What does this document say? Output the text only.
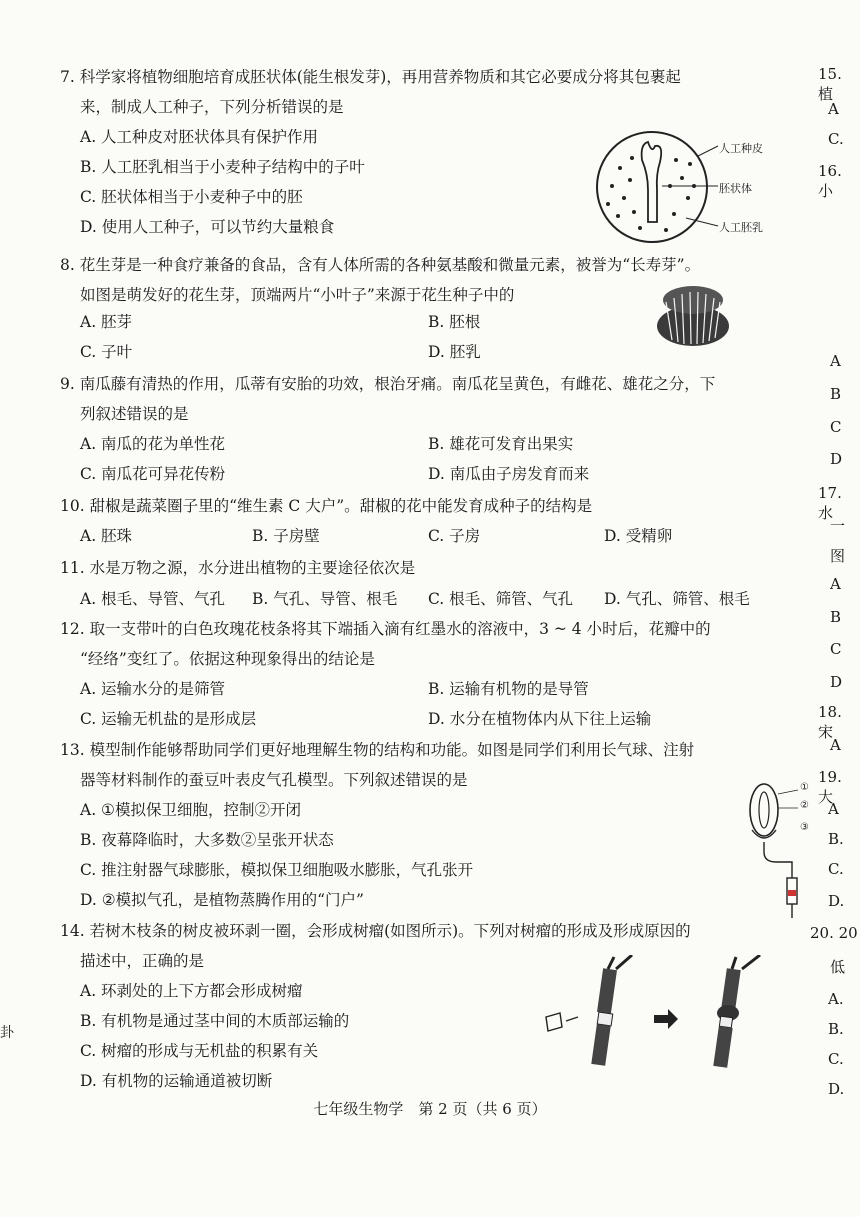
7. 科学家将植物细胞培育成胚状体(能生根发芽)，再用营养物质和其它必要成分将其包裹起
来，制成人工种子，下列分析错误的是
A. 人工种皮对胚状体具有保护作用
B. 人工胚乳相当于小麦种子结构中的子叶
C. 胚状体相当于小麦种子中的胚
D. 使用人工种子，可以节约大量粮食
人工种皮
胚状体
人工胚乳
8. 花生芽是一种食疗兼备的食品，含有人体所需的各种氨基酸和微量元素，被誉为“长寿芽”。
如图是萌发好的花生芽，顶端两片“小叶子”来源于花生种子中的
A. 胚芽	B. 胚根
C. 子叶	D. 胚乳
9. 南瓜藤有清热的作用，瓜蒂有安胎的功效，根治牙痛。南瓜花呈黄色，有雌花、雄花之分，下
列叙述错误的是
A. 南瓜的花为单性花	B. 雄花可发育出果实
C. 南瓜花可异花传粉	D. 南瓜由子房发育而来
10. 甜椒是蔬菜圈子里的“维生素 C 大户”。甜椒的花中能发育成种子的结构是
A. 胚珠	B. 子房壁	C. 子房	D. 受精卵
11. 水是万物之源，水分进出植物的主要途径依次是
A. 根毛、导管、气孔 B. 气孔、导管、根毛 C. 根毛、筛管、气孔 D. 气孔、筛管、根毛
12. 取一支带叶的白色玫瑰花枝条将其下端插入滴有红墨水的溶液中，3 ~ 4 小时后，花瓣中的
“经络”变红了。依据这种现象得出的结论是
A. 运输水分的是筛管	B. 运输有机物的是导管
C. 运输无机盐的是形成层	D. 水分在植物体内从下往上运输
13. 模型制作能够帮助同学们更好地理解生物的结构和功能。如图是同学们利用长气球、注射
器等材料制作的蚕豆叶表皮气孔模型。下列叙述错误的是
A. ①模拟保卫细胞，控制②开闭
B. 夜幕降临时，大多数②呈张开状态
C. 推注射器气球膨胀，模拟保卫细胞吸水膨胀，气孔张开
D. ②模拟气孔，是植物蒸腾作用的“门户”
①
②
③
14. 若树木枝条的树皮被环剥一圈，会形成树瘤(如图所示)。下列对树瘤的形成及形成原因的
描述中，正确的是
A. 环剥处的上下方都会形成树瘤
B. 有机物是通过茎中间的木质部运输的
C. 树瘤的形成与无机盐的积累有关
D. 有机物的运输通道被切断
七年级生物学　第 2 页（共 6 页）
卦
15. 植
A
C.
16. 小
A
B
C
D
17. 水
一
图
A
B
C
D
18. 宋
A
19. 大
A
B.
C.
D.
20. 20
低
A.
B.
C.
D.
